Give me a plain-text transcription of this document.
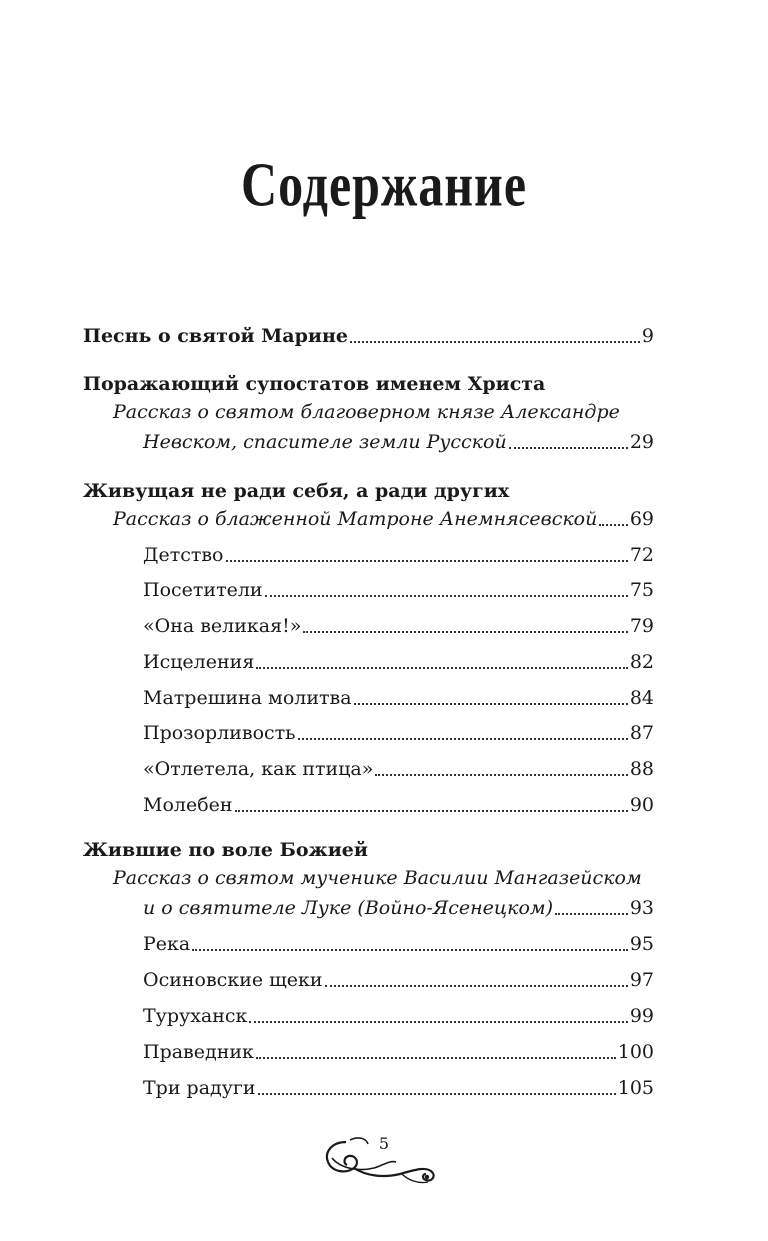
Содержание
Песнь о святой Марине	9
Поражающий супостатов именем Христа
Рассказ о святом благоверном князе Александре
Невском, спасителе земли Русской	29
Живущая не ради себя, а ради других
Рассказ о блаженной Матроне Анемнясевской 69
Детство	72
Посетители	75
«Она великая!»	79
Исцеления	82
Матрешина молитва	84
Прозорливость	87
«Отлетела, как птица»	88
Молебен	90
Жившие по воле Божией
Рассказ о святом мученике Василии Мангазейском
и о святителе Луке (Войно-Ясенецком)	93
Река	95
Осиновские щеки	97
Туруханск	99
Праведник	100
Три радуги	105
5
